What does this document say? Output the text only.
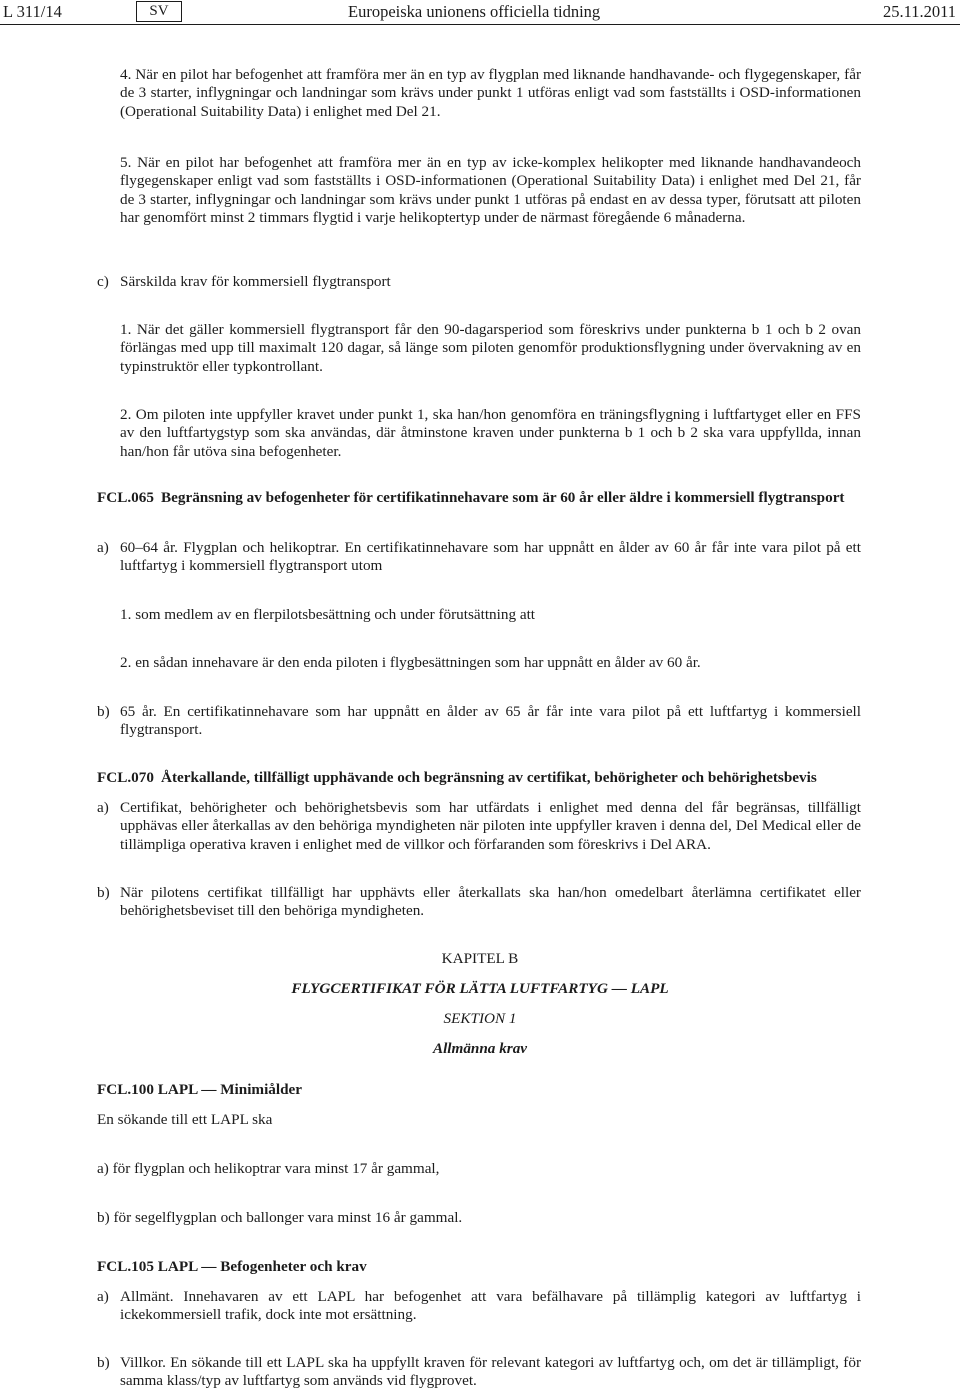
L 311/14	SV	Europeiska unionens officiella tidning	25.11.2011
4. När en pilot har befogenhet att framföra mer än en typ av flygplan med liknande handhavande- och flygegenskaper, får de 3 starter, inflygningar och landningar som krävs under punkt 1 utföras enligt vad som fastställts i OSD-informationen (Operational Suitability Data) i enlighet med Del 21.
5. När en pilot har befogenhet att framföra mer än en typ av icke-komplex helikopter med liknande handhavandeoch flygegenskaper enligt vad som fastställts i OSD-informationen (Operational Suitability Data) i enlighet med Del 21, får de 3 starter, inflygningar och landningar som krävs under punkt 1 utföras på endast en av dessa typer, förutsatt att piloten har genomfört minst 2 timmars flygtid i varje helikoptertyp under de närmast föregående 6 månaderna.
c) Särskilda krav för kommersiell flygtransport
1. När det gäller kommersiell flygtransport får den 90-dagarsperiod som föreskrivs under punkterna b 1 och b 2 ovan förlängas med upp till maximalt 120 dagar, så länge som piloten genomför produktionsflygning under övervakning av en typinstruktör eller typkontrollant.
2. Om piloten inte uppfyller kravet under punkt 1, ska han/hon genomföra en träningsflygning i luftfartyget eller en FFS av den luftfartygstyp som ska användas, där åtminstone kraven under punkterna b 1 och b 2 ska vara uppfyllda, innan han/hon får utöva sina befogenheter.
FCL.065 Begränsning av befogenheter för certifikatinnehavare som är 60 år eller äldre i kommersiell flygtransport
a) 60–64 år. Flygplan och helikoptrar. En certifikatinnehavare som har uppnått en ålder av 60 år får inte vara pilot på ett luftfartyg i kommersiell flygtransport utom
1. som medlem av en flerpilotsbesättning och under förutsättning att
2. en sådan innehavare är den enda piloten i flygbesättningen som har uppnått en ålder av 60 år.
b) 65 år. En certifikatinnehavare som har uppnått en ålder av 65 år får inte vara pilot på ett luftfartyg i kommersiell flygtransport.
FCL.070 Återkallande, tillfälligt upphävande och begränsning av certifikat, behörigheter och behörighetsbevis
a) Certifikat, behörigheter och behörighetsbevis som har utfärdats i enlighet med denna del får begränsas, tillfälligt upphävas eller återkallas av den behöriga myndigheten när piloten inte uppfyller kraven i denna del, Del Medical eller de tillämpliga operativa kraven i enlighet med de villkor och förfaranden som föreskrivs i Del ARA.
b) När pilotens certifikat tillfälligt har upphävts eller återkallats ska han/hon omedelbart återlämna certifikatet eller behörighetsbeviset till den behöriga myndigheten.
KAPITEL B
FLYGCERTIFIKAT FÖR LÄTTA LUFTFARTYG — LAPL
SEKTION 1
Allmänna krav
FCL.100 LAPL — Minimiålder
En sökande till ett LAPL ska
a) för flygplan och helikoptrar vara minst 17 år gammal,
b) för segelflygplan och ballonger vara minst 16 år gammal.
FCL.105 LAPL — Befogenheter och krav
a) Allmänt. Innehavaren av ett LAPL har befogenhet att vara befälhavare på tillämplig kategori av luftfartyg i ickekommersiell trafik, dock inte mot ersättning.
b) Villkor. En sökande till ett LAPL ska ha uppfyllt kraven för relevant kategori av luftfartyg och, om det är tillämpligt, för samma klass/typ av luftfartyg som används vid flygprovet.
